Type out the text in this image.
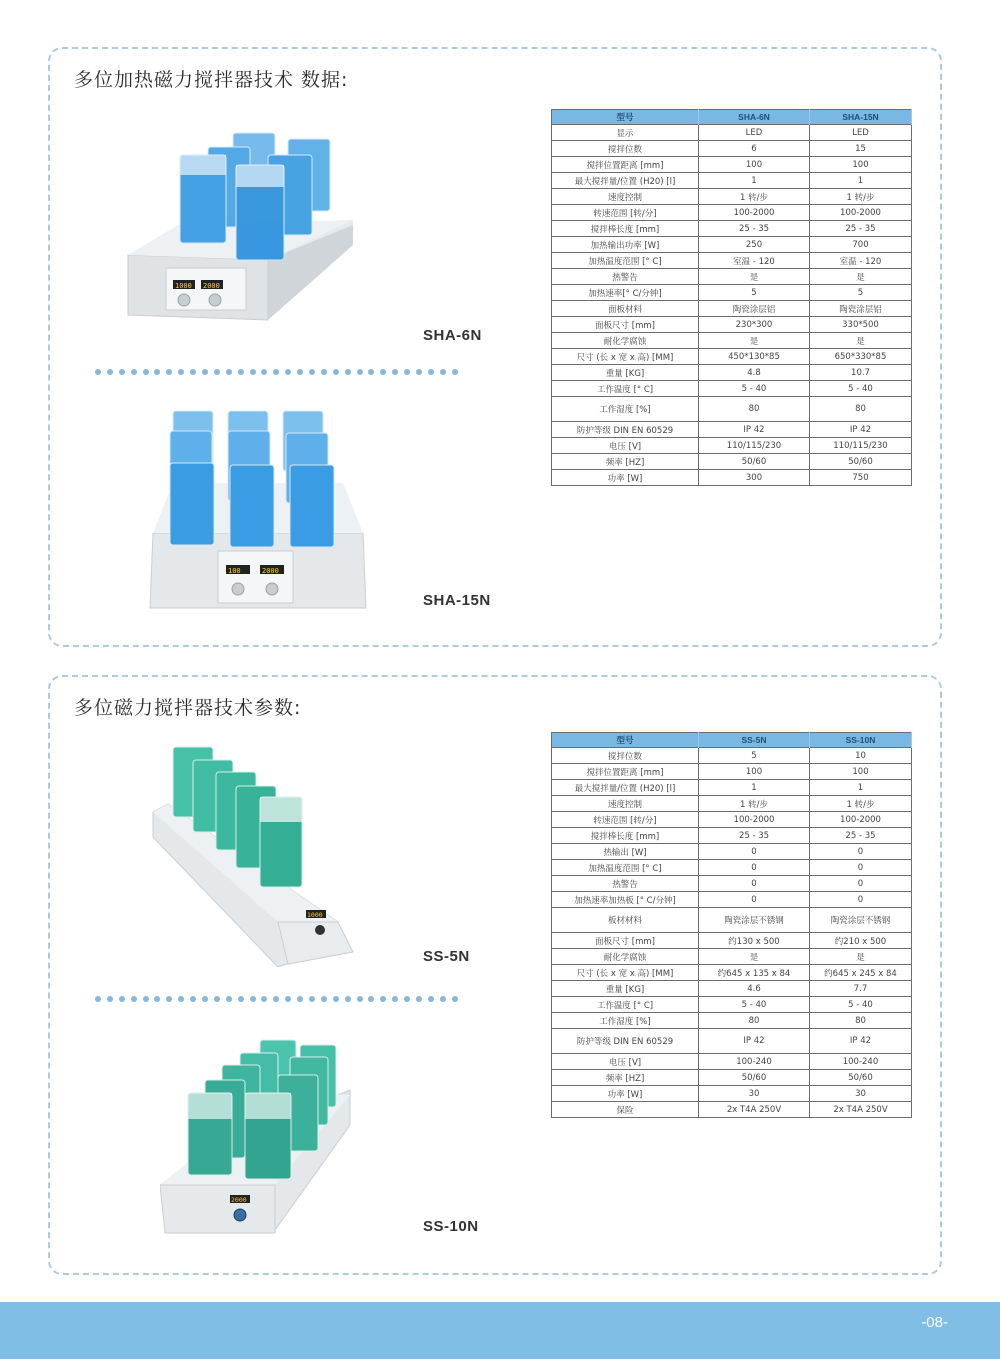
多位加热磁力搅拌器技术 数据:
1000 2000
SHA-6N
100	2000
SHA-15N
型号	SHA-6N	SHA-15N
显示	LED	LED
搅拌位数	6	15
搅拌位置距离 [mm]	100	100
最大搅拌量/位置 (H20) [l]	1	1
速度控制	1 转/步	1 转/步
转速范围 [转/分]	100-2000	100-2000
搅拌棒长度 [mm]	25 - 35	25 - 35
加热输出功率 [W]	250	700
加热温度范围 [° C]	室温 - 120	室温 - 120
热警告	是	是
加热速率[° C/分钟]	5	5
面板材料	陶瓷涂层铝	陶瓷涂层铝
面板尺寸 [mm]	230*300	330*500
耐化学腐蚀	是	是
尺寸 (长 x 宽 x 高) [MM]	450*130*85	650*330*85
重量 [KG]	4.8	10.7
工作温度 [° C]	5 - 40	5 - 40
工作湿度 [%]	80	80
防护等级 DIN EN 60529	IP 42	IP 42
电压 [V]	110/115/230	110/115/230
频率 [HZ]	50/60	50/60
功率 [W]	300	750
多位磁力搅拌器技术参数:
1000
SS-5N
2000
SS-10N
型号	SS-5N	SS-10N
搅拌位数	5	10
搅拌位置距离 [mm]	100	100
最大搅拌量/位置 (H20) [l]	1	1
速度控制	1 转/步	1 转/步
转速范围 [转/分]	100-2000	100-2000
搅拌棒长度 [mm]	25 - 35	25 - 35
热输出 [W]	0	0
加热温度范围 [° C]	0	0
热警告	0	0
加热速率加热板 [° C/分钟]	0	0
板材材料	陶瓷涂层不锈钢	陶瓷涂层不锈钢
面板尺寸 [mm]	约130 x 500	约210 x 500
耐化学腐蚀	是	是
尺寸 (长 x 宽 x 高) [MM]	约645 x 135 x 84	约645 x 245 x 84
重量 [KG]	4.6	7.7
工作温度 [° C]	5 - 40	5 - 40
工作湿度 [%]	80	80
防护等级 DIN EN 60529	IP 42	IP 42
电压 [V]	100-240	100-240
频率 [HZ]	50/60	50/60
功率 [W]	30	30
保险	2x T4A 250V	2x T4A 250V
-08-
